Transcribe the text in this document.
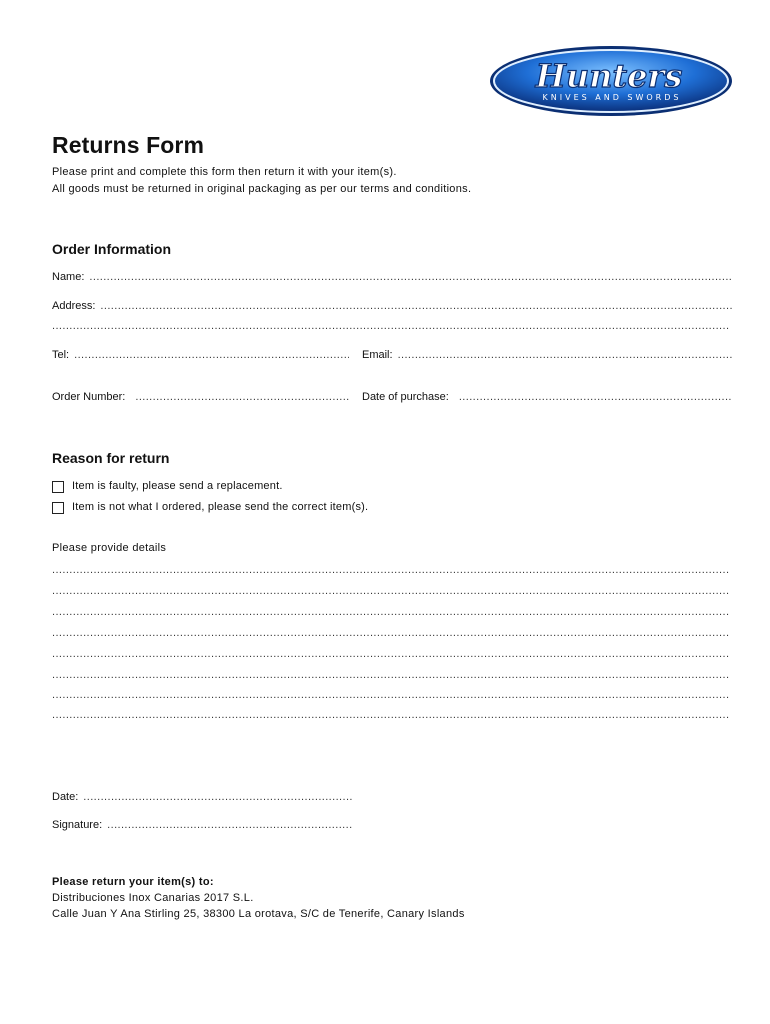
Hunters
KNIVES AND SWORDS
Returns Form
Please print and complete this form then return it with your item(s).
All goods must be returned in original packaging as per our terms and conditions.
Order Information
Name:
.....
Address:
.....
.....
Tel: .....	Email:
.....
Order Number: .....	Date of purchase:
.....
Reason for return
Item is faulty, please send a replacement.
Item is not what I ordered, please send the correct item(s).
Please provide details
.....
.....
.....
.....
.....
.....
.....
.....
Date:
.....
Signature:
.....
Please return your item(s) to:
Distribuciones Inox Canarias 2017 S.L.
Calle Juan Y Ana Stirling 25, 38300 La orotava, S/C de Tenerife, Canary Islands
